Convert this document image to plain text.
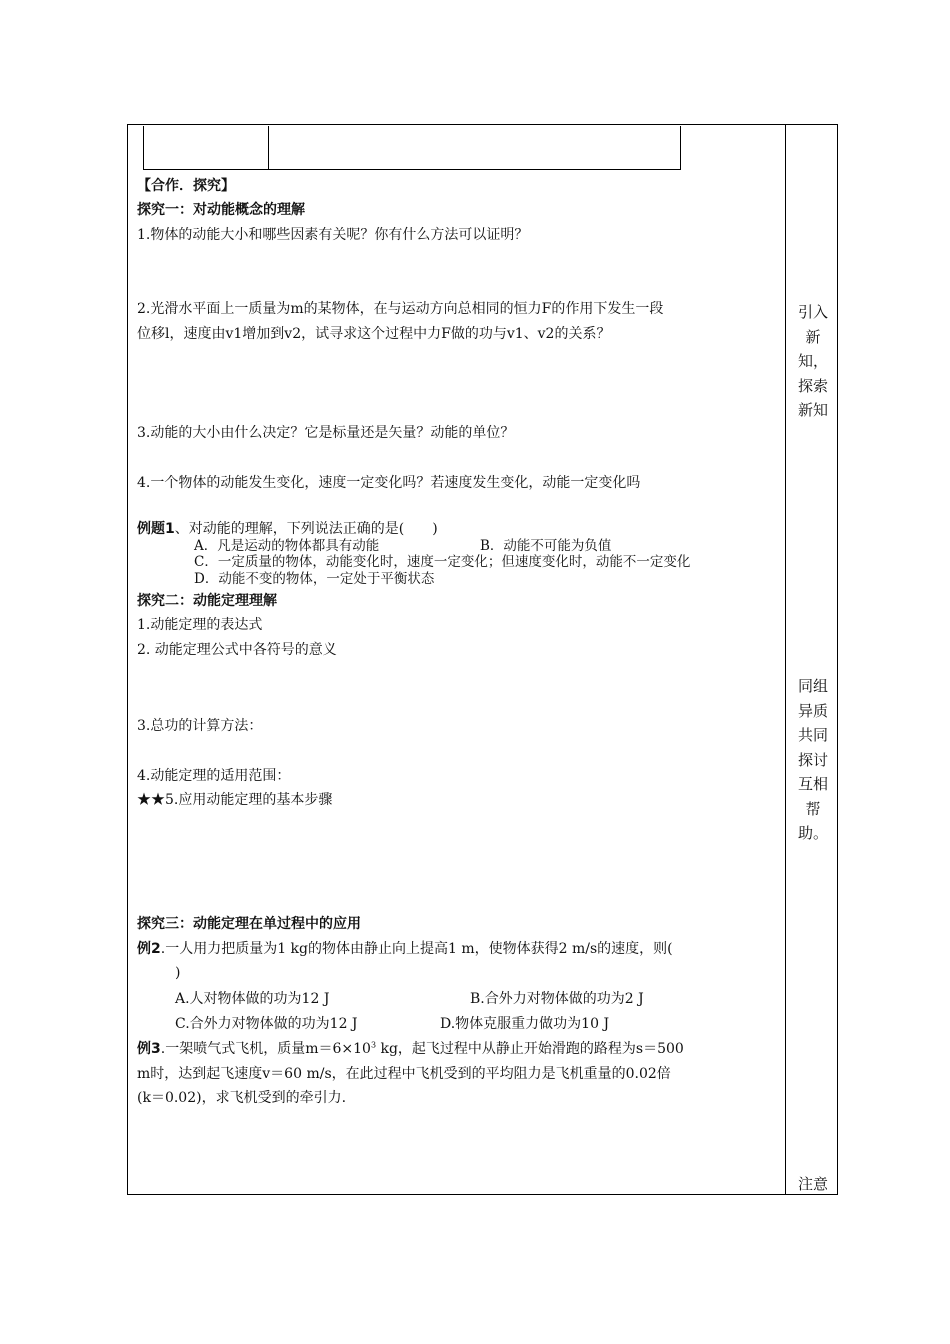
【合作．探究】
探究一：对动能概念的理解
1.物体的动能大小和哪些因素有关呢？你有什么方法可以证明？
2.光滑水平面上一质量为m的某物体，在与运动方向总相同的恒力F的作用下发生一段
位移l，速度由v1增加到v2，试寻求这个过程中力F做的功与v1、v2的关系？
3.动能的大小由什么决定？它是标量还是矢量？动能的单位？
4.一个物体的动能发生变化，速度一定变化吗？若速度发生变化，动能一定变化吗
例题1、对动能的理解，下列说法正确的是(　　)
A．凡是运动的物体都具有动能	B．动能不可能为负值
C．一定质量的物体，动能变化时，速度一定变化；但速度变化时，动能不一定变化
D．动能不变的物体，一定处于平衡状态
探究二：动能定理理解
1.动能定理的表达式
2. 动能定理公式中各符号的意义
3.总功的计算方法：
4.动能定理的适用范围：
★★5.应用动能定理的基本步骤
探究三：动能定理在单过程中的应用
例2.一人用力把质量为1 kg的物体由静止向上提高1 m，使物体获得2 m/s的速度，则(
)
A.人对物体做的功为12 J	B.合外力对物体做的功为2 J
C.合外力对物体做的功为12 J	D.物体克服重力做功为10 J
例3.一架喷气式飞机，质量$m=6\times 10^3$ kg，起飞过程中从静止开始滑跑的路程为s＝500
m时，达到起飞速度v＝60 m/s，在此过程中飞机受到的平均阻力是飞机重量的0.02倍
(k＝0.02)，求飞机受到的牵引力.
引入
新
知，
探索
新知
同组
异质
共同
探讨
互相
帮
助。
注意
